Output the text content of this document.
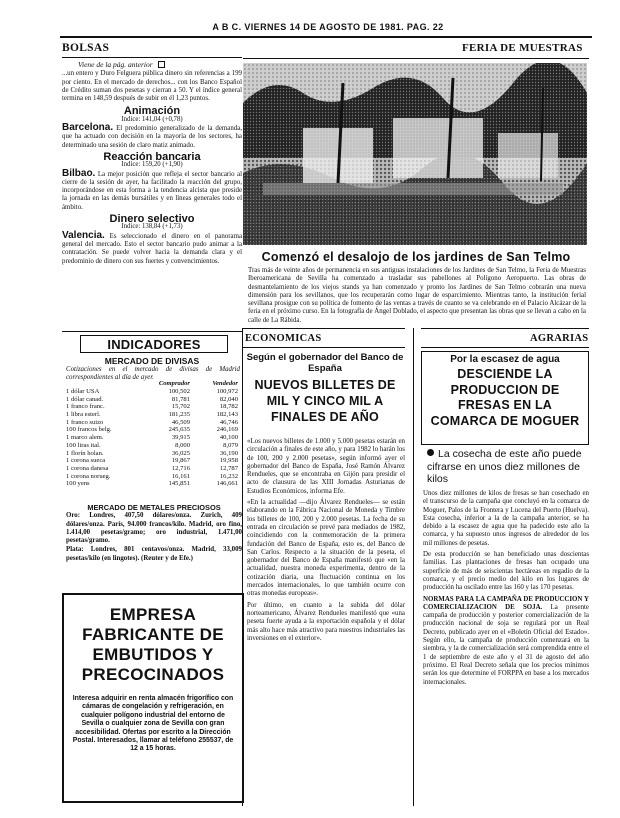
A B C. VIERNES 14 DE AGOSTO DE 1981. PAG. 22
BOLSAS

Viene de la pág. anterior

...un entero y Duro Felguera pública dinero sin referencias a 199 por ciento. En el mercado de derechos... con los Banco Español de Crédito suman dos pesetas y cierran a 50. Y el índice general termina en 148,59 después de subir en él 1,23 puntos.

Animación
Indice: 141,04 (+0,78)

Barcelona. El predominio generalizado de la demanda, que ha actuado con decisión en la mayoría de los sectores, ha determinado una sesión de claro matiz animado.

Reacción bancaria
Indice: 159,20 (+1,90)

Bilbao. La mejor posición que refleja el sector bancario al cierre de la sesión de ayer, ha facilitado la reacción del grupo, incorporándose en esta forma a la tendencia alcista que preside la jornada en las demás bursátiles y en líneas generales todo el ámbito.

Dinero selectivo
Indice: 138,84 (+1,73)

Valencia. Es seleccionado el dinero en el panorama general del mercado. Esto el sector bancario pudo animar a la contratación. Se puede volver hacia la demanda clara y el predominio de dinero con sus fuertes y convencimientos.

INDICADORES
MERCADO DE DIVISAS
Cotizaciones en el mercado de divisas de Madrid correspondientes al día de ayer.
Comprador	Vendedor
1 dólar USA	100,502	100,972
1 dólar canad.	81,781	82,040
1 franco franc.	15,702	18,782
1 libra esterl.	181,235	182,143
1 franco suizo	46,509	46,746
100 francos belg.	245,635	246,169
1 marco alem.	39,915	40,100
100 liras ital.	8,000	8,079
1 florín holan.	36,025	36,190
1 corona sueca	19,867	19,958
1 corona danesa	12,716	12,787
1 corona norueg.	16,161	16,232
100 yens	145,851	146,661
MERCADO DE METALES PRECIOSOS

Oro: Londres, 407,50 dólares/onza. Zurich, 409 dólares/onza. París, 94.000 francos/kilo. Madrid, oro fino, 1.414,00 pesetas/gramo; oro industrial, 1.471,00 pesetas/gramo.

Plata: Londres, 801 centavos/onza. Madrid, 33,009 pesetas/kilo (en lingotes). (Reuter y de Efe.)

EMPRESA FABRICANTE DE EMBUTIDOS Y PRECOCINADOS
Interesa adquirir en renta almacén frigorífico con cámaras de congelación y refrigeración, en cualquier polígono industrial del entorno de Sevilla o cualquier zona de Sevilla con gran accesibilidad. Ofertas por escrito a la Dirección Postal. Interesados, llamar al teléfono 255537, de 12 a 15 horas.
FERIA DE MUESTRAS
Comenzó el desalojo de los jardines de San Telmo
Tras más de veinte años de permanencia en sus antiguas instalaciones de los Jardines de San Telmo, la Feria de Muestras Iberoamericana de Sevilla ha comenzado a trasladar sus pabellones al Polígono Aeropuerto. Las obras de desmantelamiento de los viejos stands ya han comenzado y pronto los Jardines de San Telmo cobrarán una nueva dimensión para los sevillanos, que los recuperarán como lugar de esparcimiento. Mientras tanto, la institución ferial sevillana prosigue con su política de fomento de las ventas a través de cuanto se va celebrando en el Palacio Alcázar de la feria en el próximo curso. En la fotografía de Ángel Doblado, el aspecto que presentan las obras que se llevan a cabo en la calle de La Rábida.
ECONOMICAS
Según el gobernador del Banco de España
NUEVOS BILLETES DE MIL Y CINCO MIL A FINALES DE AÑO

«Los nuevos billetes de 1.000 y 5.000 pesetas estarán en circulación a finales de este año, y para 1982 lo harán los de 100, 200 y 2.000 pesetas», según informó ayer el gobernador del Banco de España, José Ramón Álvarez Rendueles, que se encontraba en Gijón para presidir el acto de clausura de las XIII Jornadas Asturianas de Estudios Económicos, informa Efe.

«En la actualidad —dijo Álvarez Rendueles— se están elaborando en la Fábrica Nacional de Moneda y Timbre los billetes de 100, 200 y 2.000 pesetas. La fecha de su entrada en circulación se prevé para mediados de 1982, coincidiendo con la conmemoración de la primera fundación del Banco de España, esto es, del Banco de San Carlos. Respecto a la situación de la peseta, el gobernador del Banco de España manifestó que «en la actualidad, nuestra moneda experimenta, dentro de la cotización diaria, una fluctuación continua en los mercados internacionales, lo que también ocurre con otras monedas europeas».

Por último, en cuanto a la subida del dólar norteamericano, Álvarez Rendueles manifestó que «una peseta fuerte ayuda a la exportación española y el dólar más alto hace más atractivo para nuestros industriales las inversiones en el exterior».

AGRARIAS
Por la escasez de agua
DESCIENDE LA PRODUCCION DE FRESAS EN LA COMARCA DE MOGUER
La cosecha de este año puede cifrarse en unos diez millones de kilos

Unos diez millones de kilos de fresas se han cosechado en el transcurso de la campaña que concluyó en la comarca de Moguer, Palos de la Frontera y Lucena del Puerto (Huelva). Esta cosecha, inferior a la de la campaña anterior, se ha debido a la escasez de agua que ha padecido este año la comarca, y ha supuesto unos ingresos de alrededor de los mil millones de pesetas.

De esta producción se han beneficiado unas doscientas familias. Las plantaciones de fresas han ocupado una superficie de más de seiscientas hectáreas en regadío de la comarca, y el precio medio del kilo en los lugares de producción ha oscilado entre las 160 y las 170 pesetas.

NORMAS PARA LA CAMPAÑA DE PRODUCCION Y COMERCIALIZACION DE SOJA. La presente campaña de producción y posterior comercialización de la producción nacional de soja se regulará por un Real Decreto, publicado ayer en el «Boletín Oficial del Estado». Según ello, la campaña de producción comenzará en la siembra, y la de comercialización será comprendida entre el 1 de septiembre de este año y el 31 de agosto del año próximo. El Real Decreto señala que los precios mínimos serán los que determine el FORPPA en base a los mercados internacionales.
